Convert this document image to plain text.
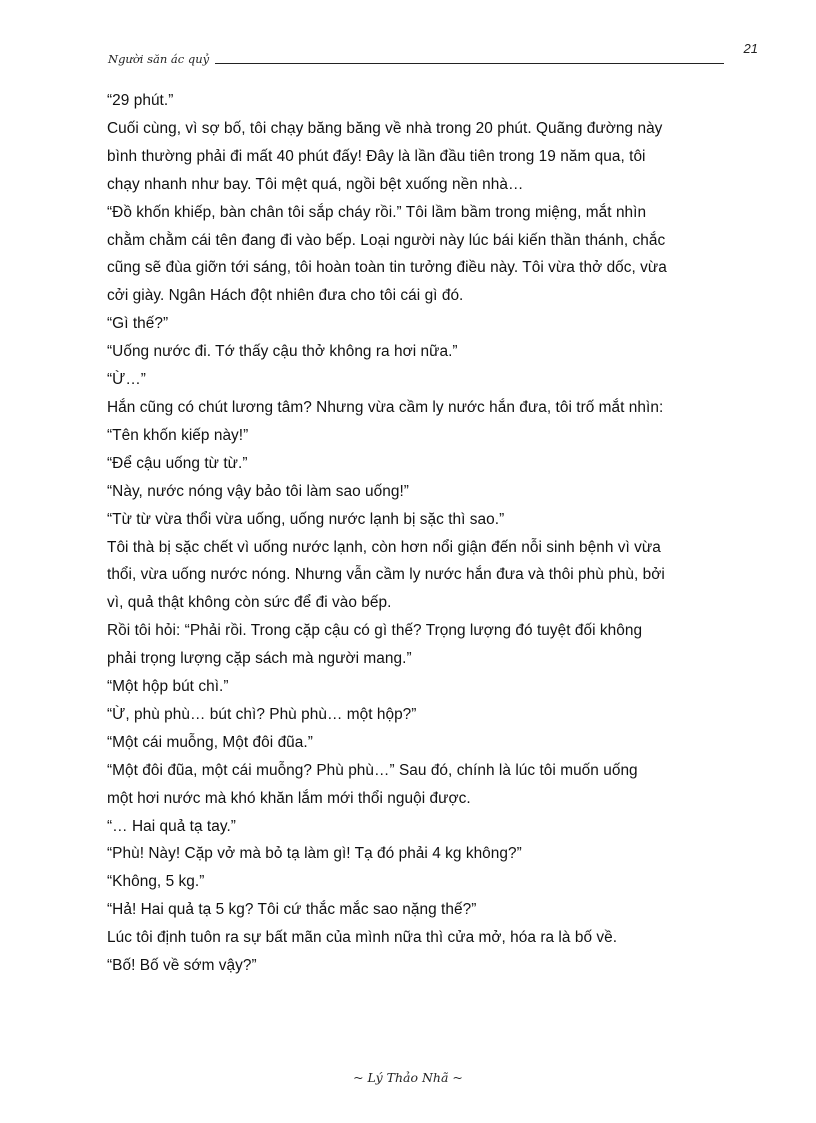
Người săn ác quỷ
21

“29 phút.”

Cuối cùng, vì sợ bố, tôi chạy băng băng về nhà trong 20 phút. Quãng đường này

bình thường phải đi mất 40 phút đấy! Đây là lần đầu tiên trong 19 năm qua, tôi

chạy nhanh như bay. Tôi mệt quá, ngồi bệt xuống nền nhà…

“Đồ khốn khiếp, bàn chân tôi sắp cháy rồi.” Tôi lầm bầm trong miệng, mắt nhìn

chằm chằm cái tên đang đi vào bếp. Loại người này lúc bái kiến thần thánh, chắc

cũng sẽ đùa giỡn tới sáng, tôi hoàn toàn tin tưởng điều này. Tôi vừa thở dốc, vừa

cởi giày. Ngân Hách đột nhiên đưa cho tôi cái gì đó.

“Gì thế?”

“Uống nước đi. Tớ thấy cậu thở không ra hơi nữa.”

“Ừ…”

Hắn cũng có chút lương tâm? Nhưng vừa cầm ly nước hắn đưa, tôi trố mắt nhìn:

“Tên khốn kiếp này!”

“Để cậu uống từ từ.”

“Này, nước nóng vậy bảo tôi làm sao uống!”

“Từ từ vừa thổi vừa uống, uống nước lạnh bị sặc thì sao.”

Tôi thà bị sặc chết vì uống nước lạnh, còn hơn nổi giận đến nỗi sinh bệnh vì vừa

thổi, vừa uống nước nóng. Nhưng vẫn cầm ly nước hắn đưa và thôi phù phù, bởi

vì, quả thật không còn sức để đi vào bếp.

Rồi tôi hỏi: “Phải rồi. Trong cặp cậu có gì thế? Trọng lượng đó tuyệt đối không

phải trọng lượng cặp sách mà người mang.”

“Một hộp bút chì.”

“Ừ, phù phù… bút chì? Phù phù… một hộp?”

“Một cái muỗng, Một đôi đũa.”

“Một đôi đũa, một cái muỗng? Phù phù…” Sau đó, chính là lúc tôi muốn uống

một hơi nước mà khó khăn lắm mới thổi nguội được.

“… Hai quả tạ tay.”

“Phù! Này! Cặp vở mà bỏ tạ làm gì! Tạ đó phải 4 kg không?”

“Không, 5 kg.”

“Hả! Hai quả tạ 5 kg? Tôi cứ thắc mắc sao nặng thế?”

Lúc tôi định tuôn ra sự bất mãn của mình nữa thì cửa mở, hóa ra là bố về.

“Bố! Bố về sớm vậy?”

~ Lý Thảo Nhã ~
